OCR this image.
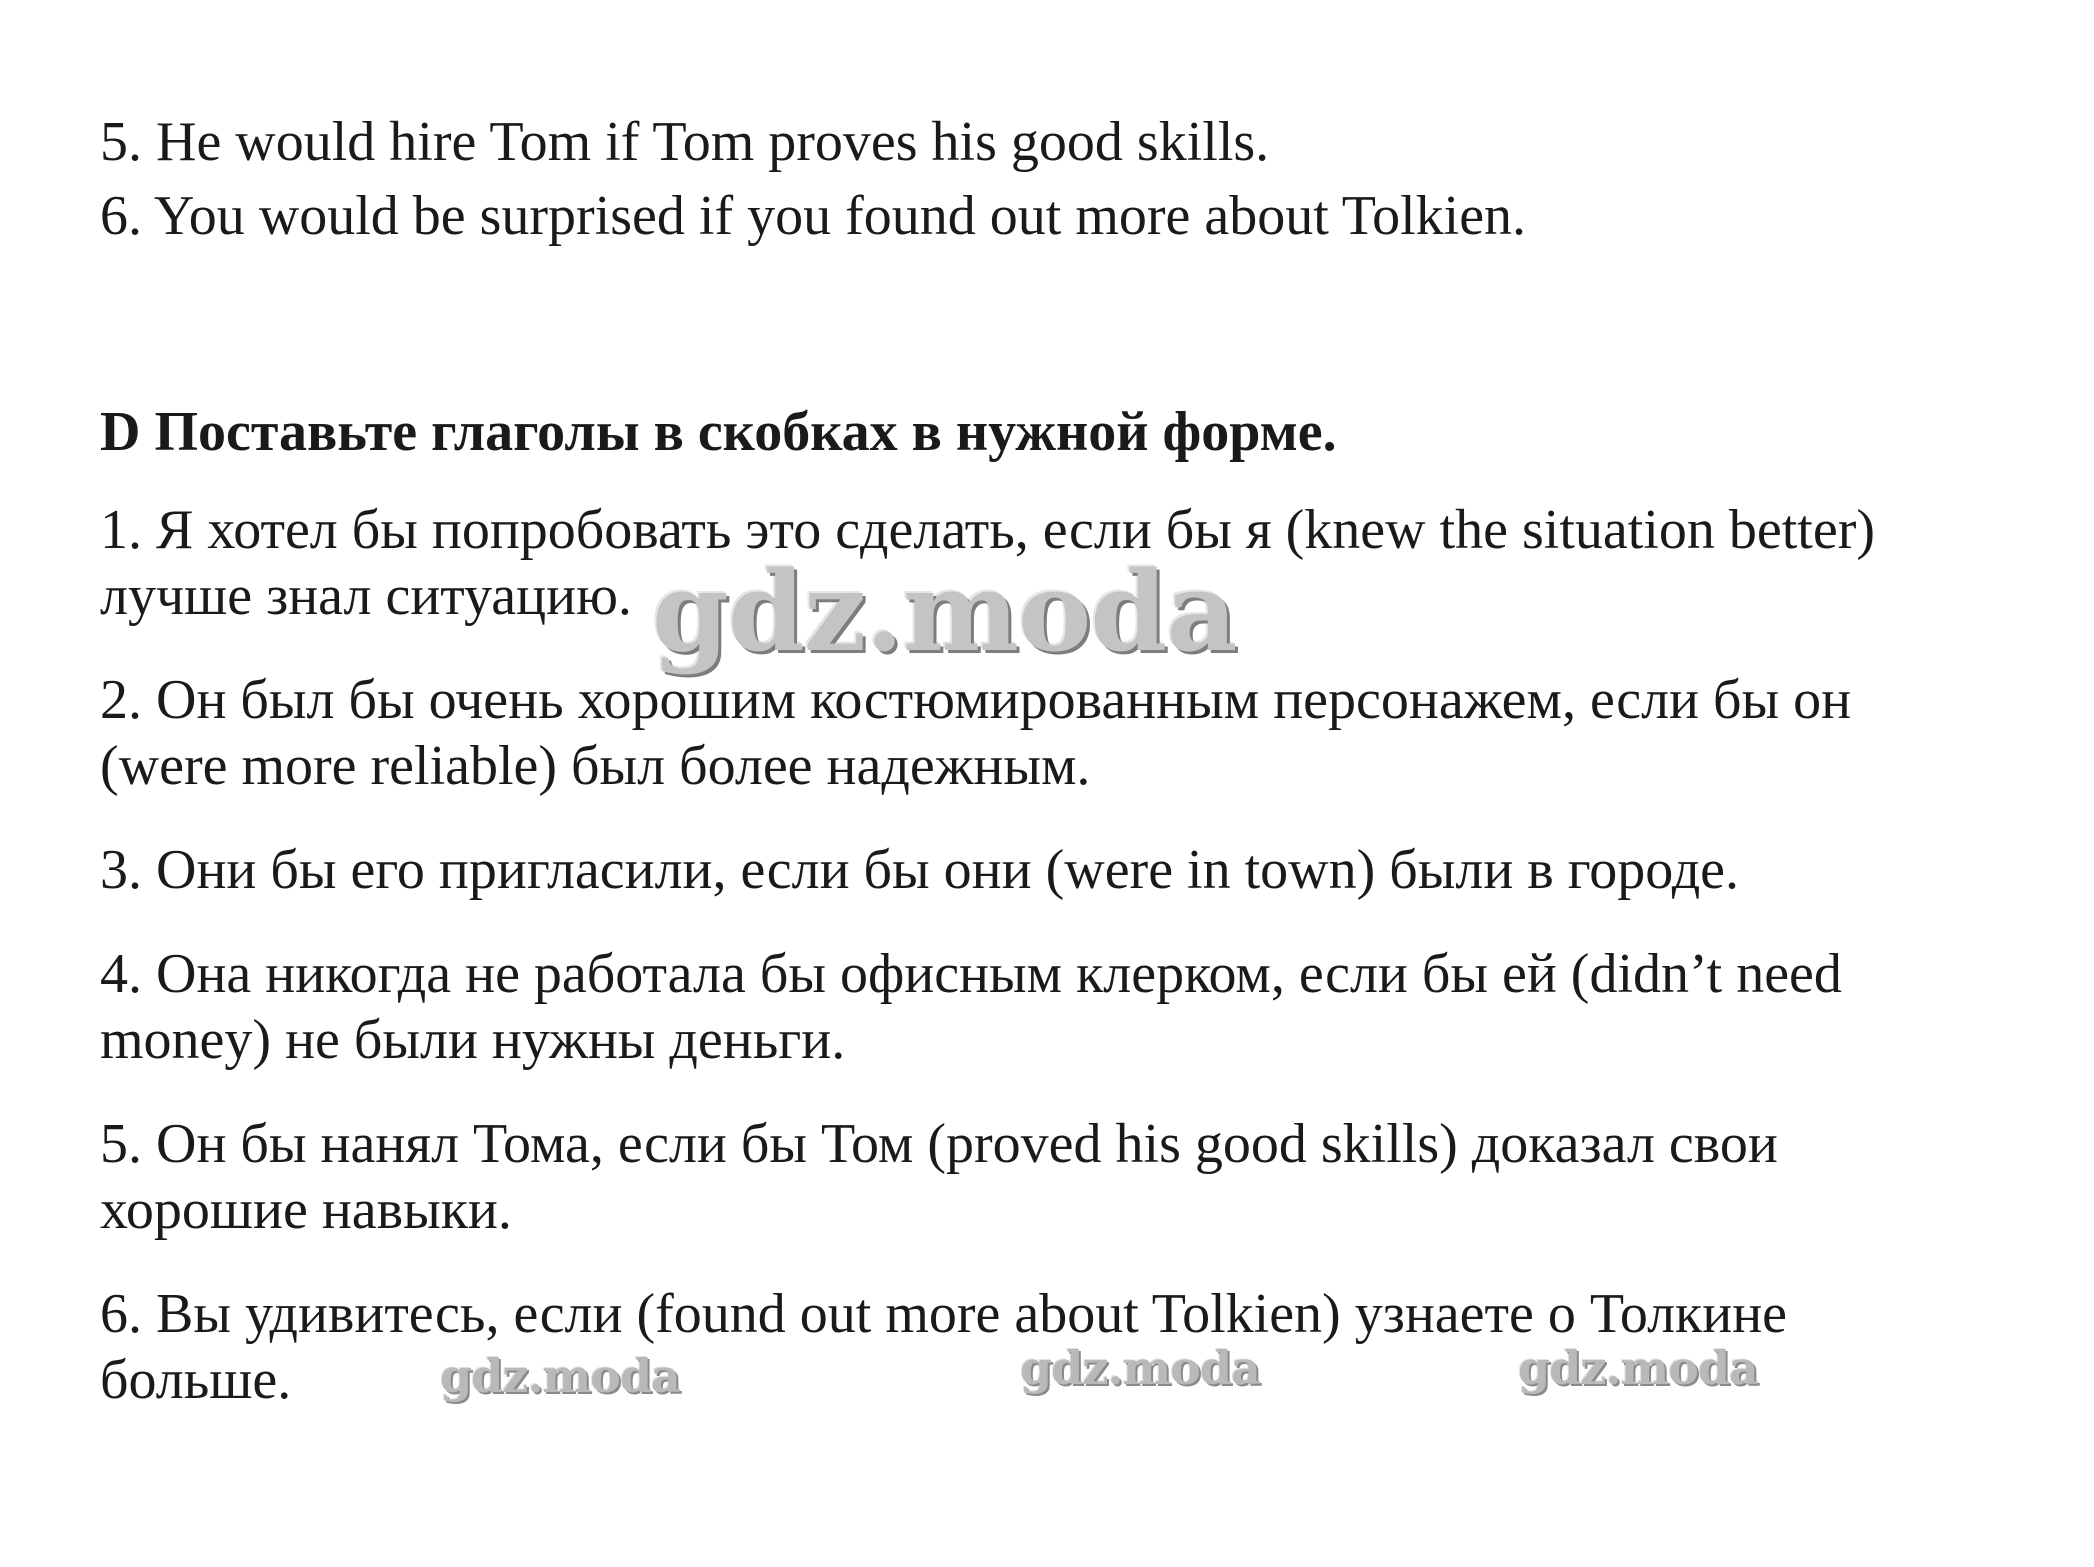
5. He would hire Tom if Tom proves his good skills.
6. You would be surprised if you found out more about Tolkien.
D Поставьте глаголы в скобках в нужной форме.
1. Я хотел бы попробовать это сделать, если бы я (knew the situation better)
лучше знал ситуацию.
2. Он был бы очень хорошим костюмированным персонажем, если бы он
(were more reliable) был более надежным.
3. Они бы его пригласили, если бы они (were in town) были в городе.
4. Она никогда не работала бы офисным клерком, если бы ей (didn’t need
money) не были нужны деньги.
5. Он бы нанял Тома, если бы Том (proved his good skills) доказал свои
хорошие навыки.
6. Вы удивитесь, если (found out more about Tolkien) узнаете о Толкине
больше.
gdz.moda
gdz.moda	gdz.moda	gdz.moda
